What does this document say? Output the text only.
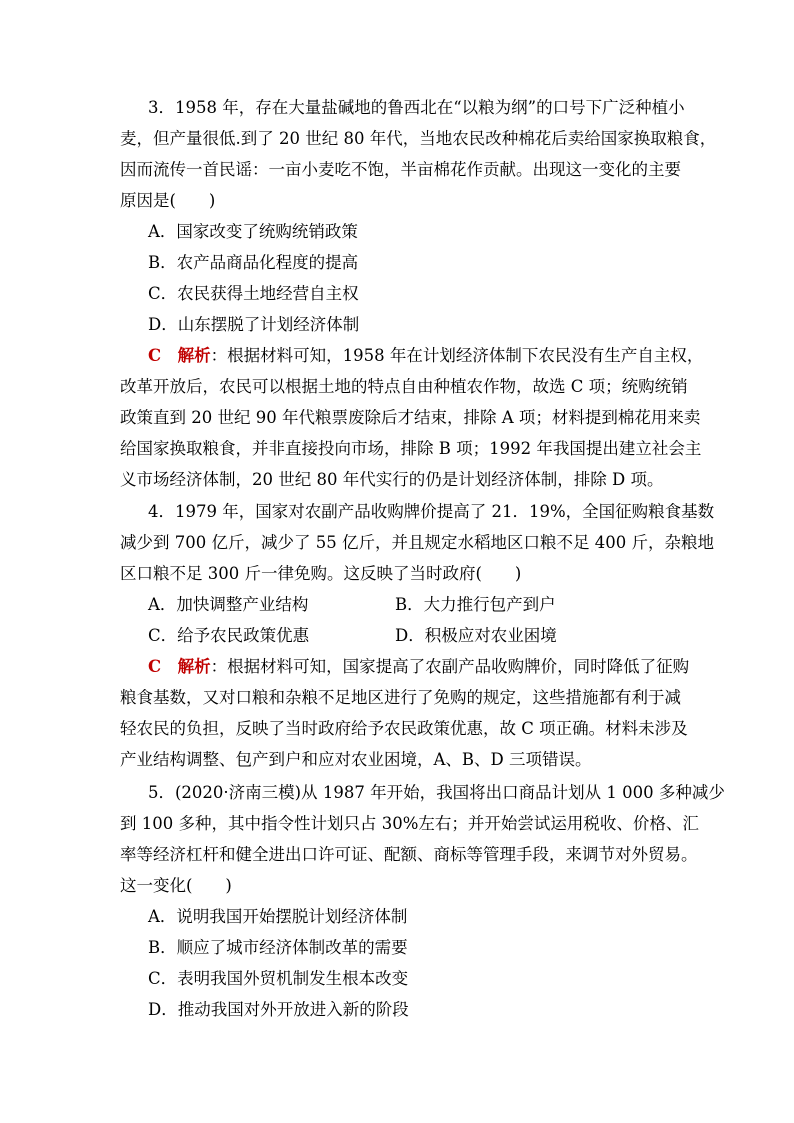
3．1958 年，存在大量盐碱地的鲁西北在“以粮为纲”的口号下广泛种植小
麦，但产量很低.到了 20 世纪 80 年代，当地农民改种棉花后卖给国家换取粮食，
因而流传一首民谣：一亩小麦吃不饱，半亩棉花作贡献。出现这一变化的主要
原因是(　　)
A．国家改变了统购统销政策
B．农产品商品化程度的提高
C．农民获得土地经营自主权
D．山东摆脱了计划经济体制
C　 解析：根据材料可知，1958 年在计划经济体制下农民没有生产自主权，
改革开放后，农民可以根据土地的特点自由种植农作物，故选 C 项；统购统销
政策直到 20 世纪 90 年代粮票废除后才结束，排除 A 项；材料提到棉花用来卖
给国家换取粮食，并非直接投向市场，排除 B 项；1992 年我国提出建立社会主
义市场经济体制，20 世纪 80 年代实行的仍是计划经济体制，排除 D 项。
4．1979 年，国家对农副产品收购牌价提高了 21．19%，全国征购粮食基数
减少到 700 亿斤，减少了 55 亿斤，并且规定水稻地区口粮不足 400 斤，杂粮地
区口粮不足 300 斤一律免购。这反映了当时政府(　　)
A．加快调整产业结构	B．大力推行包产到户
C．给予农民政策优惠	D．积极应对农业困境
C　 解析：根据材料可知，国家提高了农副产品收购牌价，同时降低了征购
粮食基数，又对口粮和杂粮不足地区进行了免购的规定，这些措施都有利于减
轻农民的负担，反映了当时政府给予农民政策优惠，故 C 项正确。材料未涉及
产业结构调整、包产到户和应对农业困境，A、B、D 三项错误。
5．(2020·济南三模)从 1987 年开始，我国将出口商品计划从 1 000 多种减少
到 100 多种，其中指令性计划只占 30%左右；并开始尝试运用税收、价格、汇
率等经济杠杆和健全进出口许可证、配额、商标等管理手段，来调节对外贸易。
这一变化(　　)
A．说明我国开始摆脱计划经济体制
B．顺应了城市经济体制改革的需要
C．表明我国外贸机制发生根本改变
D．推动我国对外开放进入新的阶段
